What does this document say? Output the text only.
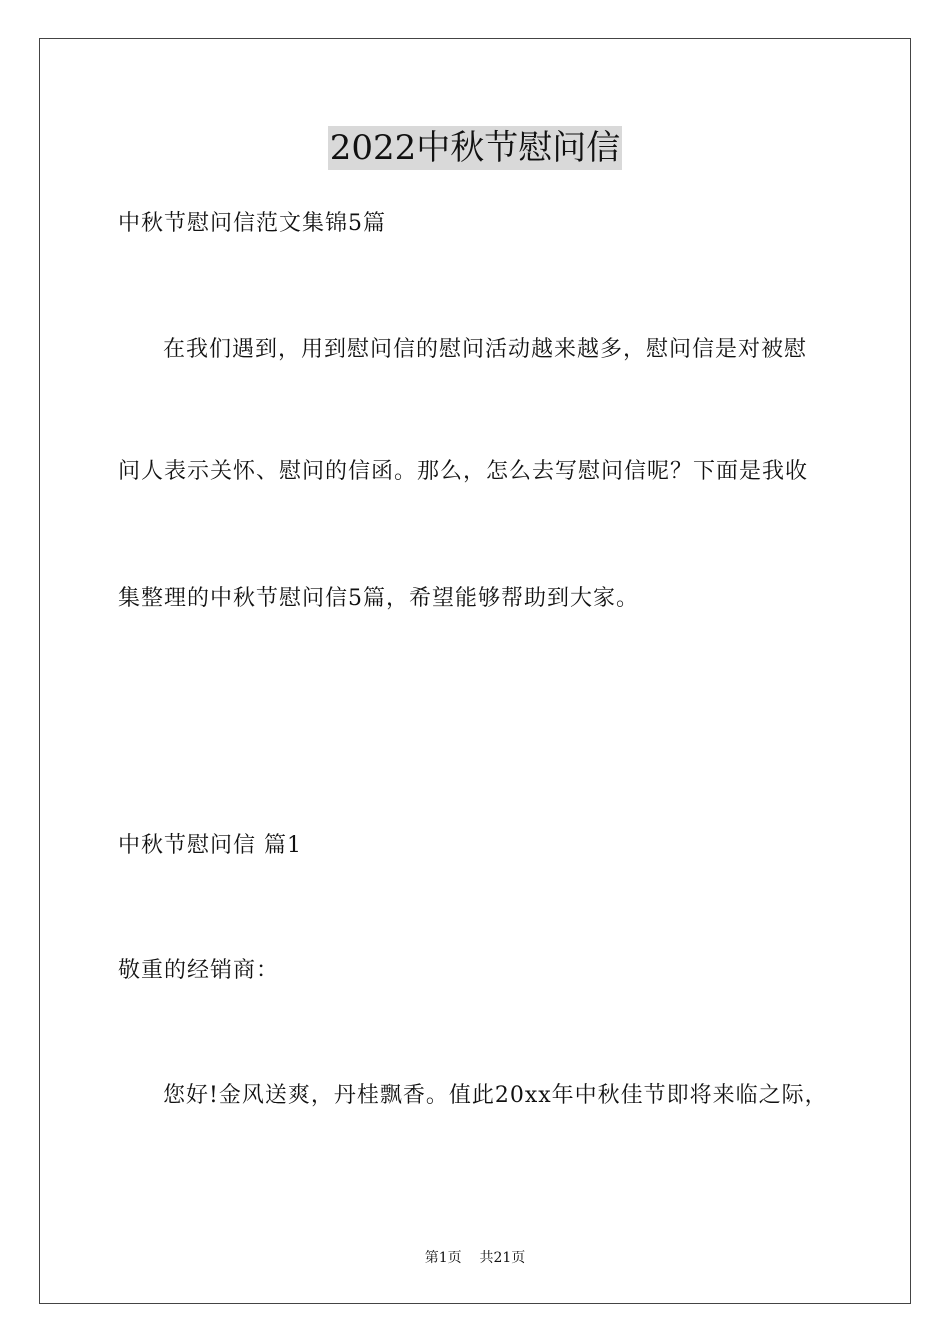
2022中秋节慰问信
中秋节慰问信范文集锦5篇
在我们遇到，用到慰问信的慰问活动越来越多，慰问信是对被慰
问人表示关怀、慰问的信函。那么，怎么去写慰问信呢？下面是我收
集整理的中秋节慰问信5篇，希望能够帮助到大家。
中秋节慰问信 篇1
敬重的经销商：
您好!金风送爽，丹桂飘香。值此20xx年中秋佳节即将来临之际，
第1页 共21页
